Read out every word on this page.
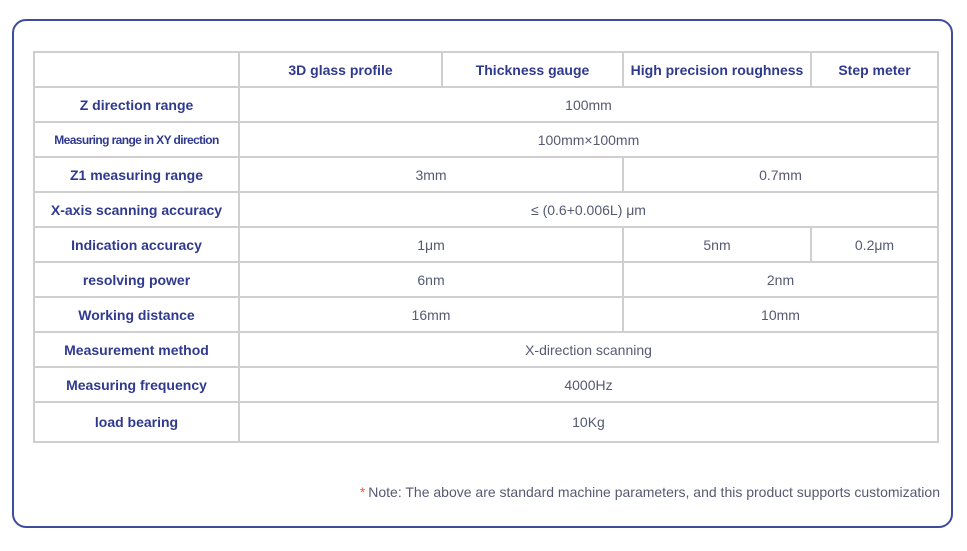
	3D glass profile	Thickness gauge	High precision roughness	Step meter
Z direction range	100mm			
Measuring range in XY direction	100mm×100mm			
Z1 measuring range	3mm		0.7mm	
X-axis scanning accuracy	≤ (0.6+0.006L) μm			
Indication accuracy	1μm		5nm	0.2μm
resolving power	6nm		2nm	
Working distance	16mm		10mm	
Measurement method	X-direction scanning			
Measuring frequency	4000Hz			
load bearing	10Kg			
* Note: The above are standard machine parameters, and this product supports customization
